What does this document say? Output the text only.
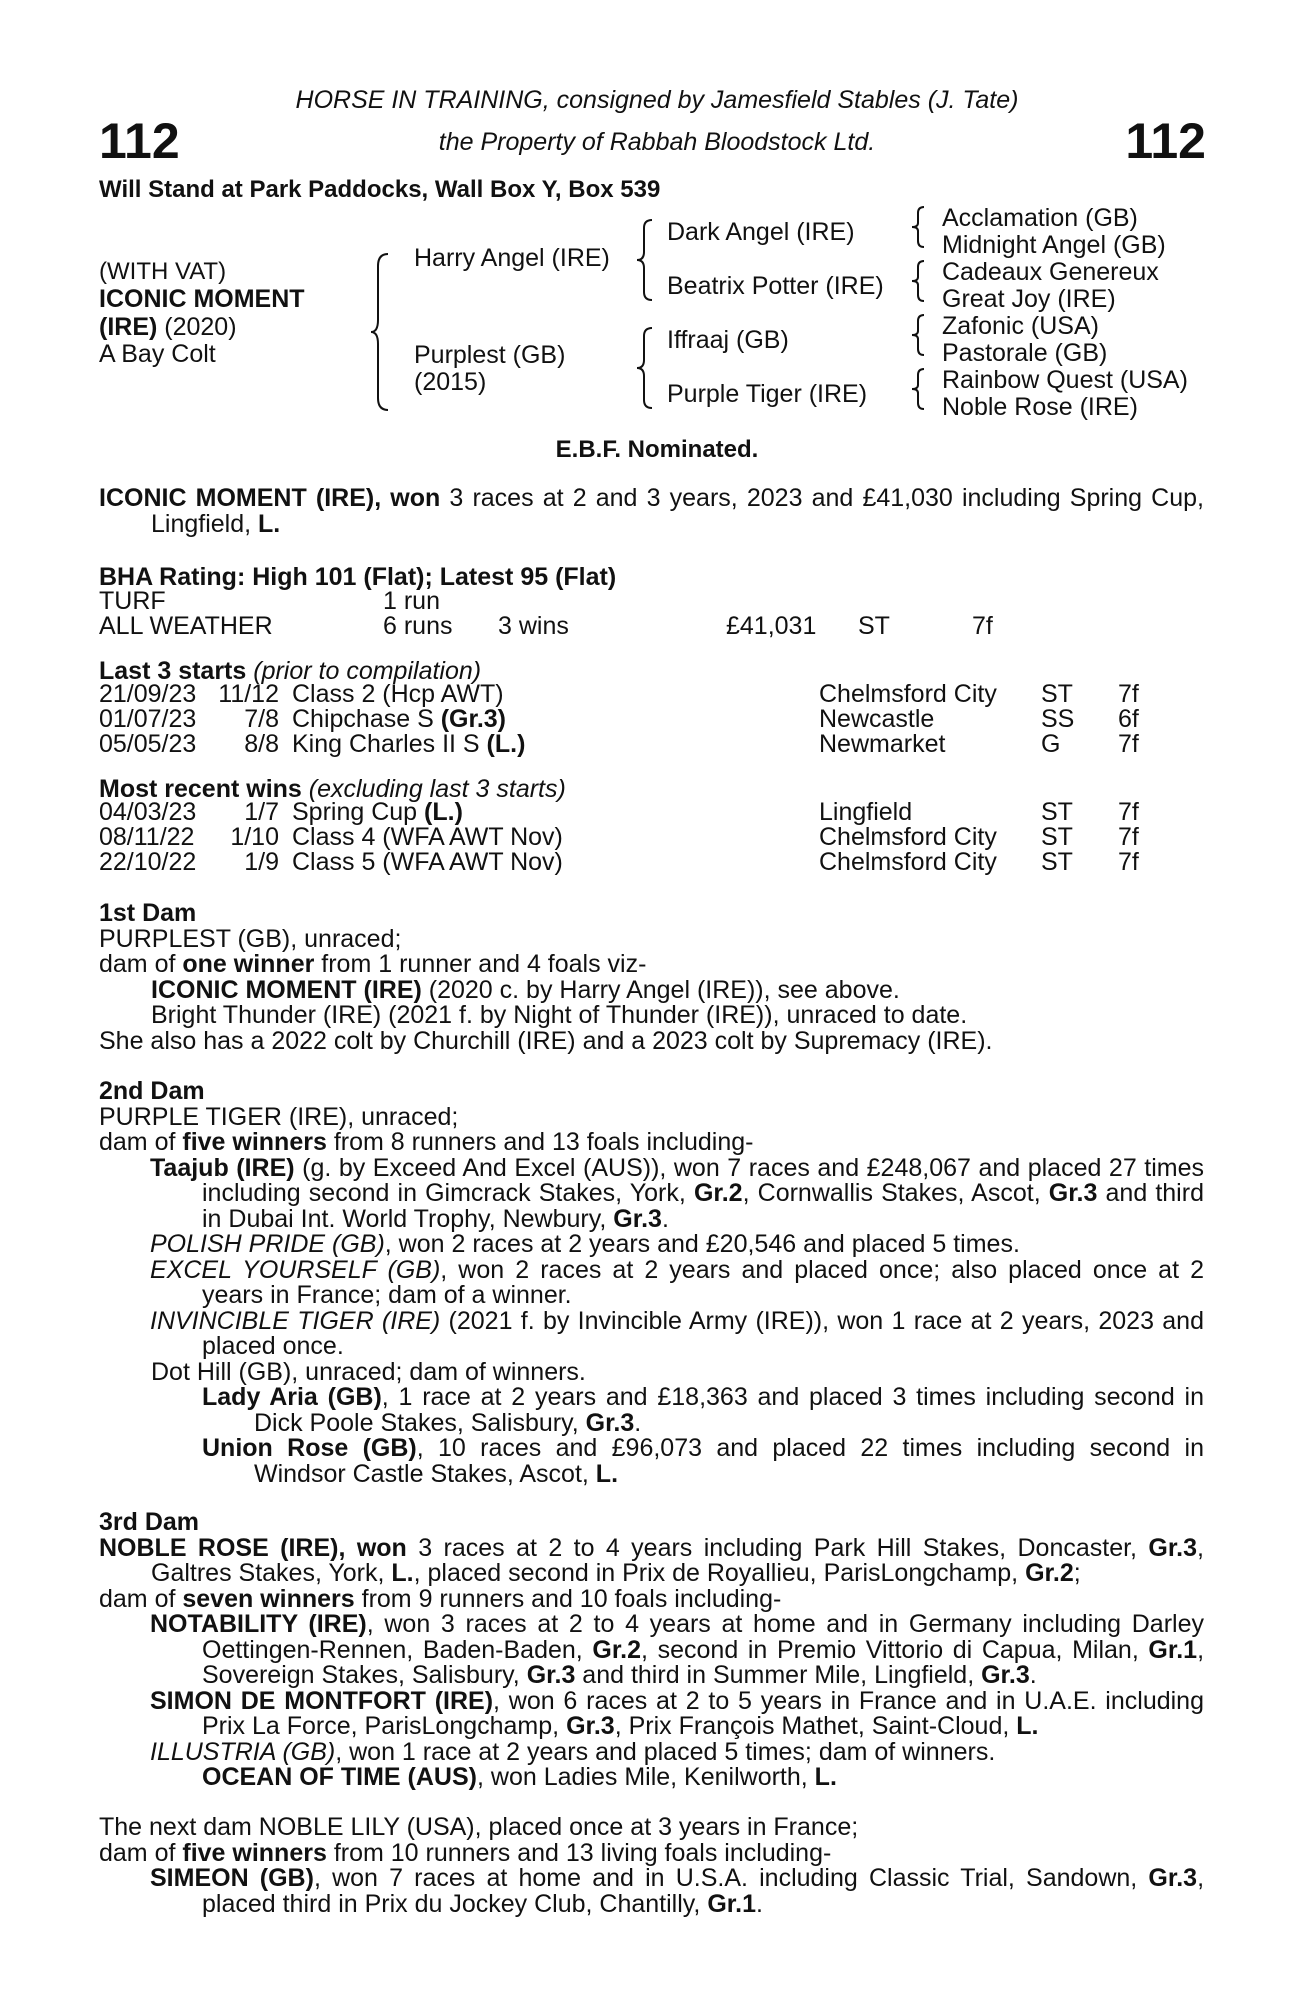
112	112
HORSE IN TRAINING, consigned by Jamesfield Stables (J. Tate)
the Property of Rabbah Bloodstock Ltd.
Will Stand at Park Paddocks, Wall Box Y, Box 539
(WITH VAT)
ICONIC MOMENT
(IRE) (2020)
A Bay Colt
Harry Angel (IRE)
Purplest (GB)
(2015)
Dark Angel (IRE)
Beatrix Potter (IRE)
Iffraaj (GB)
Purple Tiger (IRE)
Acclamation (GB)
Midnight Angel (GB)
Cadeaux Genereux
Great Joy (IRE)
Zafonic (USA)
Pastorale (GB)
Rainbow Quest (USA)
Noble Rose (IRE)
E.B.F. Nominated.

ICONIC MOMENT (IRE), won 3 races at 2 and 3 years, 2023 and £41,030 including Spring Cup, Lingfield, L.

BHA Rating: High 101 (Flat); Latest 95 (Flat)
TURF	1 run
ALL WEATHER	6 runs 3 wins	£41,031 ST	7f
Last 3 starts (prior to compilation)
21/09/23 11/12 Class 2 (Hcp AWT)	Chelmsford City ST 7f
01/07/23	7/8 Chipchase S (Gr.3)	Newcastle	SS 6f
05/05/23	8/8 King Charles II S (L.)	Newmarket	G 7f
Most recent wins (excluding last 3 starts)
04/03/23	1/7 Spring Cup (L.)	Lingfield	ST 7f
08/11/22	1/10 Class 4 (WFA AWT Nov)	Chelmsford City ST 7f
22/10/22	1/9 Class 5 (WFA AWT Nov)	Chelmsford City ST 7f

1st Dam

PURPLEST (GB), unraced;

dam of one winner from 1 runner and 4 foals viz-

ICONIC MOMENT (IRE) (2020 c. by Harry Angel (IRE)), see above.

Bright Thunder (IRE) (2021 f. by Night of Thunder (IRE)), unraced to date.

She also has a 2022 colt by Churchill (IRE) and a 2023 colt by Supremacy (IRE).

2nd Dam

PURPLE TIGER (IRE), unraced;

dam of five winners from 8 runners and 13 foals including-

Taajub (IRE) (g. by Exceed And Excel (AUS)), won 7 races and £248,067 and placed 27 times including second in Gimcrack Stakes, York, Gr.2, Cornwallis Stakes, Ascot, Gr.3 and third in Dubai Int. World Trophy, Newbury, Gr.3.

POLISH PRIDE (GB), won 2 races at 2 years and £20,546 and placed 5 times.

EXCEL YOURSELF (GB), won 2 races at 2 years and placed once; also placed once at 2 years in France; dam of a winner.

INVINCIBLE TIGER (IRE) (2021 f. by Invincible Army (IRE)), won 1 race at 2 years, 2023 and placed once.

Dot Hill (GB), unraced; dam of winners.

Lady Aria (GB), 1 race at 2 years and £18,363 and placed 3 times including second in Dick Poole Stakes, Salisbury, Gr.3.

Union Rose (GB), 10 races and £96,073 and placed 22 times including second in Windsor Castle Stakes, Ascot, L.

3rd Dam

NOBLE ROSE (IRE), won 3 races at 2 to 4 years including Park Hill Stakes, Doncaster, Gr.3, Galtres Stakes, York, L., placed second in Prix de Royallieu, ParisLongchamp, Gr.2;

dam of seven winners from 9 runners and 10 foals including-

NOTABILITY (IRE), won 3 races at 2 to 4 years at home and in Germany including Darley Oettingen-Rennen, Baden-Baden, Gr.2, second in Premio Vittorio di Capua, Milan, Gr.1, Sovereign Stakes, Salisbury, Gr.3 and third in Summer Mile, Lingfield, Gr.3.

SIMON DE MONTFORT (IRE), won 6 races at 2 to 5 years in France and in U.A.E. including Prix La Force, ParisLongchamp, Gr.3, Prix François Mathet, Saint-Cloud, L.

ILLUSTRIA (GB), won 1 race at 2 years and placed 5 times; dam of winners.

OCEAN OF TIME (AUS), won Ladies Mile, Kenilworth, L.

The next dam NOBLE LILY (USA), placed once at 3 years in France;

dam of five winners from 10 runners and 13 living foals including-

SIMEON (GB), won 7 races at home and in U.S.A. including Classic Trial, Sandown, Gr.3, placed third in Prix du Jockey Club, Chantilly, Gr.1.
